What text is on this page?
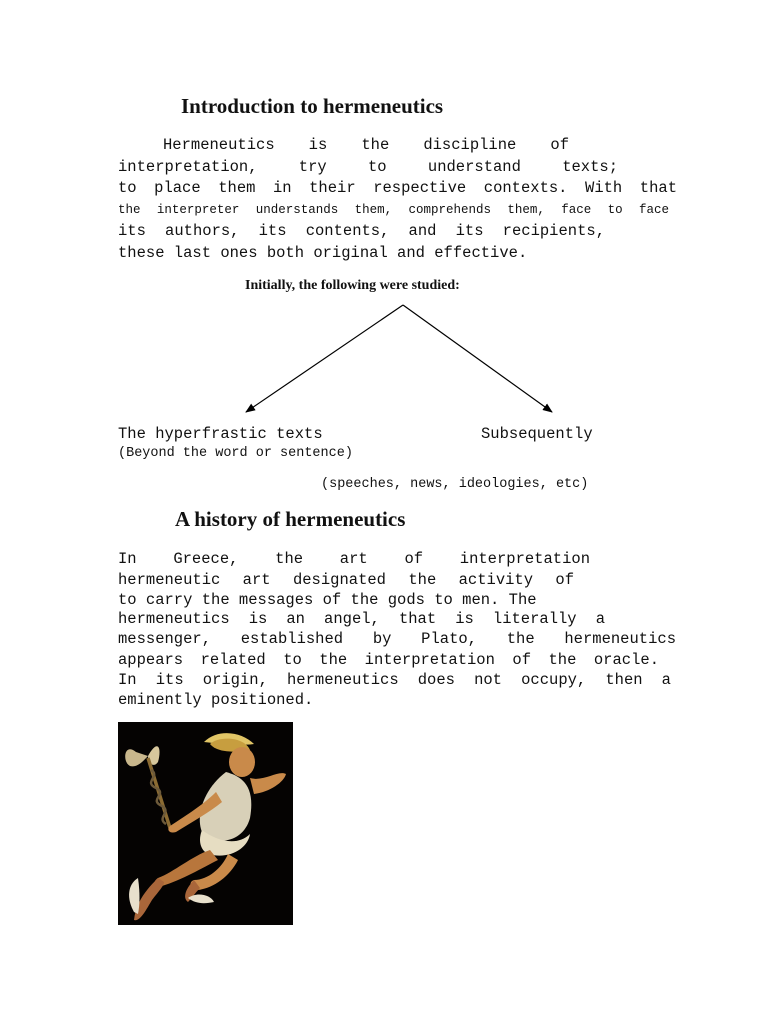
Introduction to hermeneutics
Hermeneutics is the discipline of
interpretation, try to understand texts;
to place them in their respective contexts. With that
the interpreter understands them, comprehends them, face to face
its authors, its contents, and its recipients,
these last ones both original and effective.
Initially, the following were studied:
The hyperfrastic texts
(Beyond the word or sentence)
Subsequently
(speeches, news, ideologies, etc)
A history of hermeneutics
In Greece, the art of interpretation
hermeneutic art designated the activity of
to carry the messages of the gods to men. The
hermeneutics is an angel, that is literally a
messenger, established by Plato, the hermeneutics
appears related to the interpretation of the oracle.
In its origin, hermeneutics does not occupy, then a
eminently positioned.
